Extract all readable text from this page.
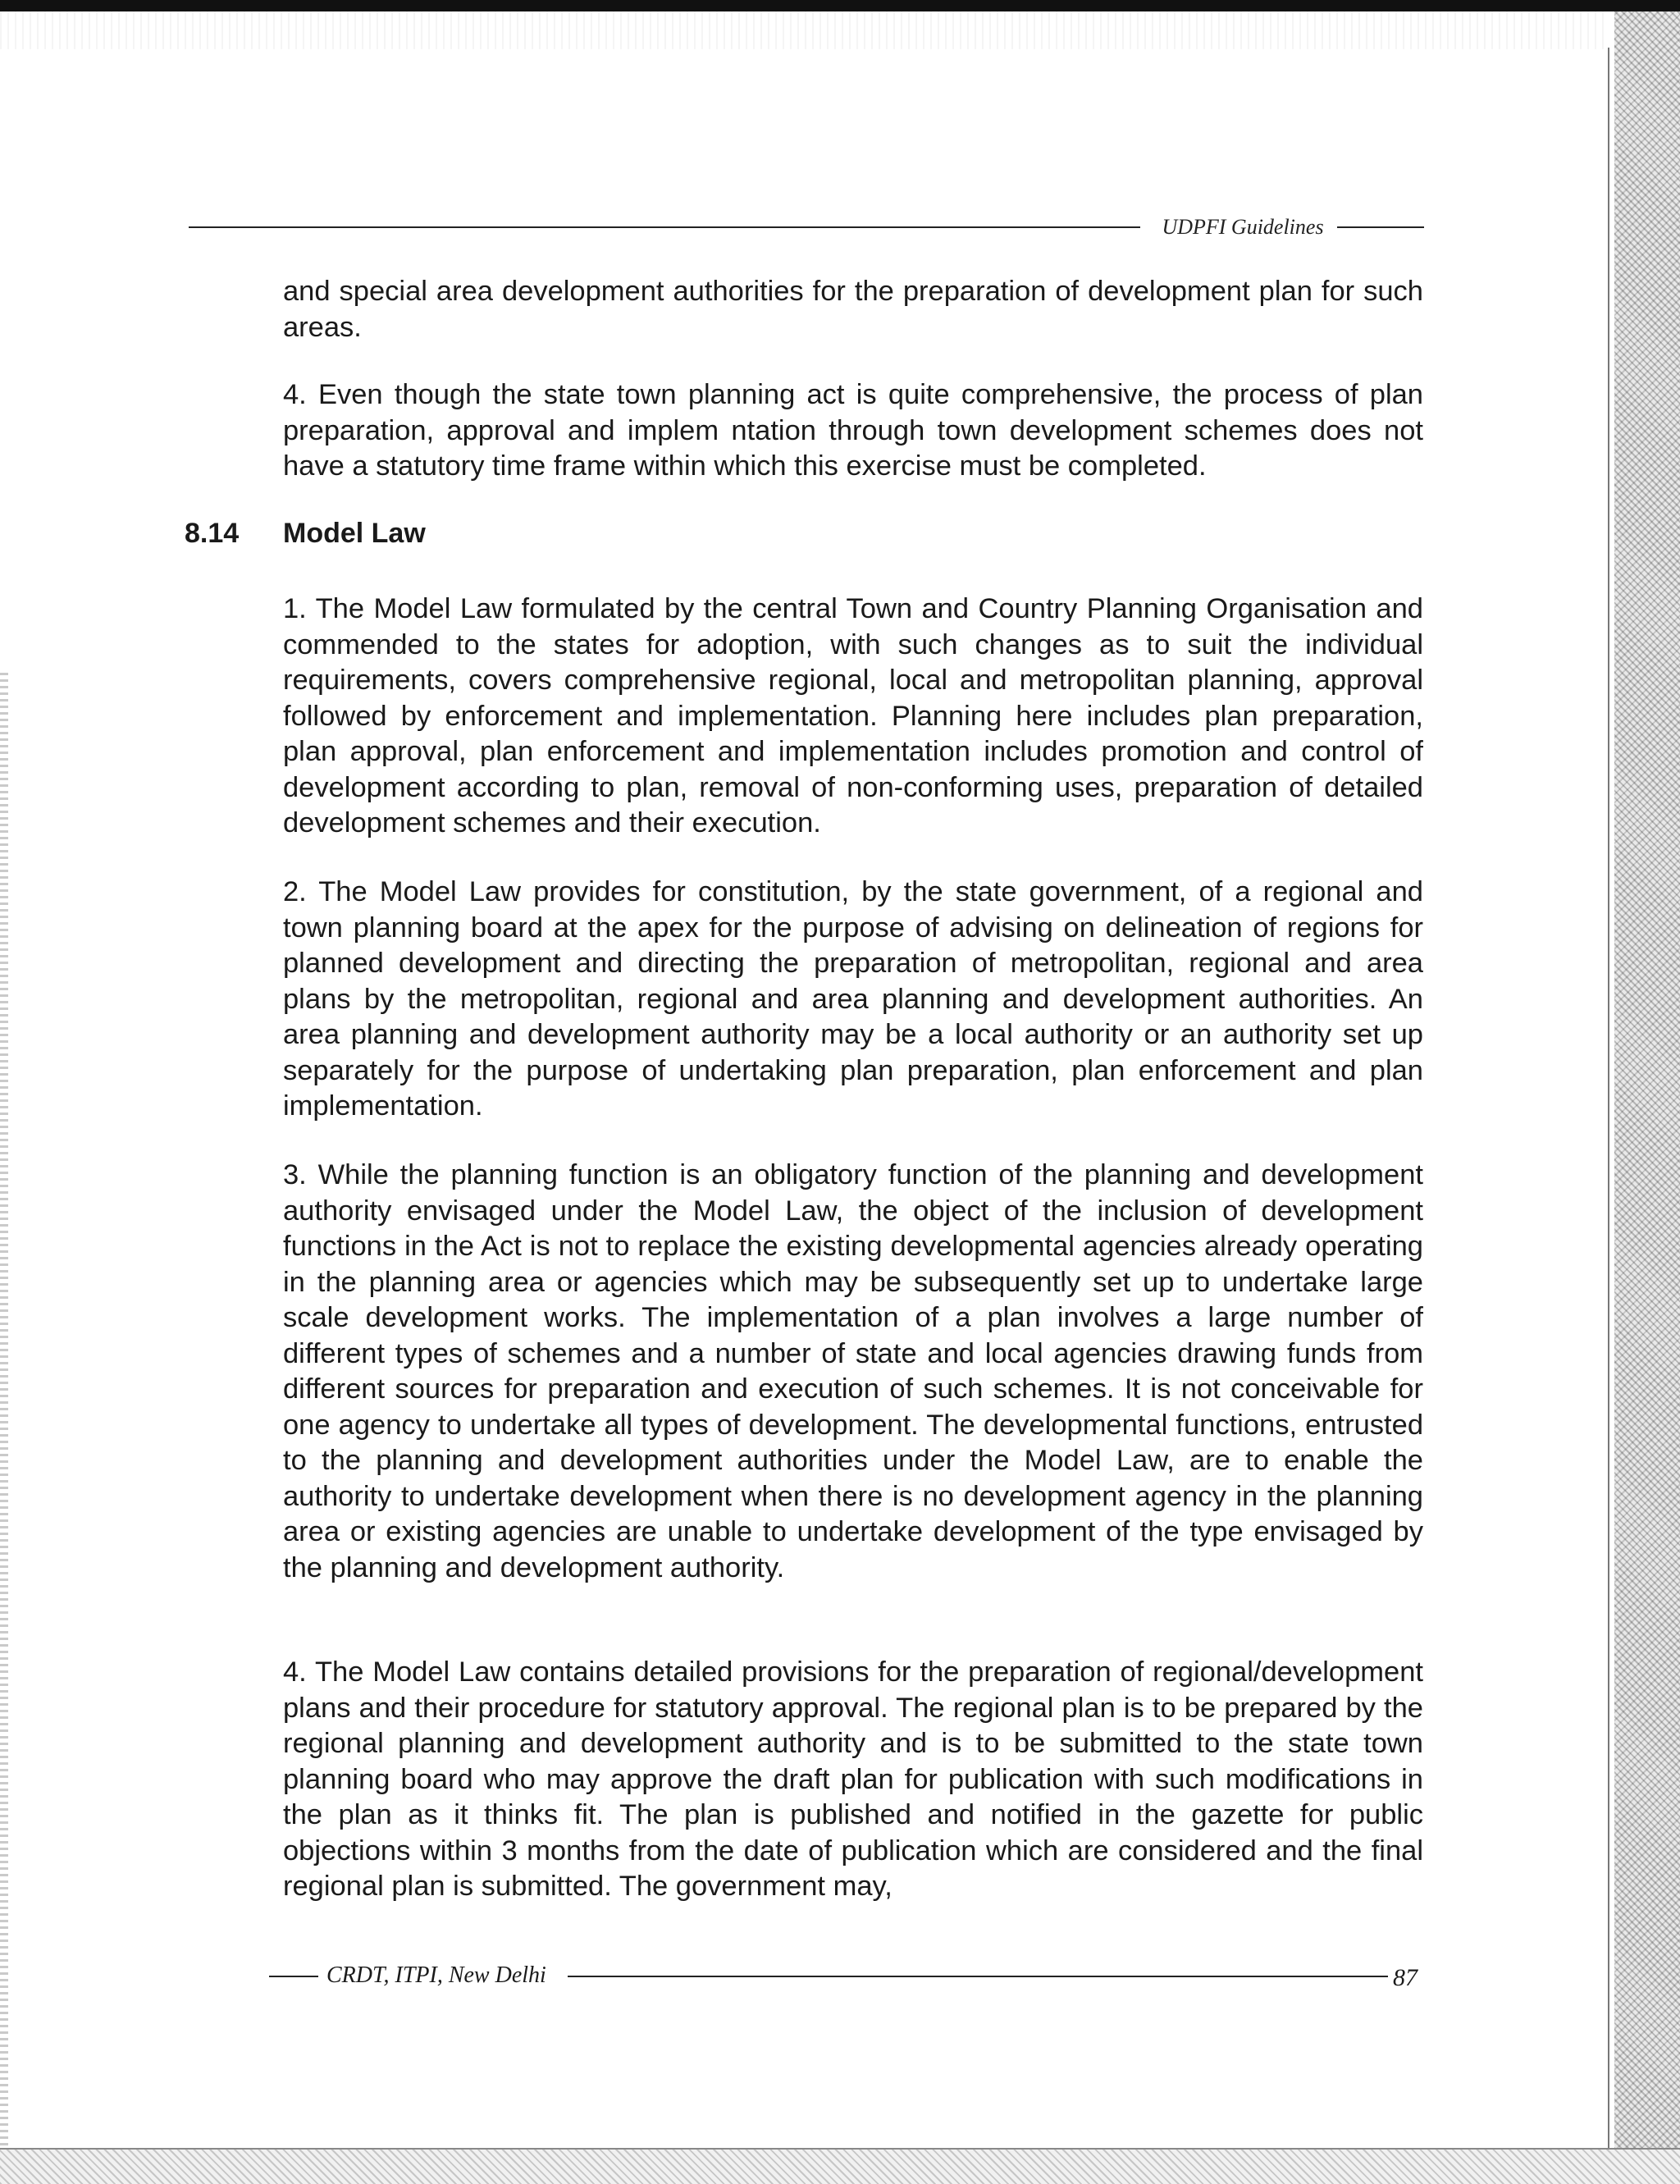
UDPFI Guidelines

and special area development authorities for the preparation of development plan for such areas.

4. Even though the state town planning act is quite comprehensive, the process of plan preparation, approval and implem ntation through town development schemes does not have a statutory time frame within which this exercise must be completed.

8.14 Model Law

1. The Model Law formulated by the central Town and Country Planning Organisation and commended to the states for adoption, with such changes as to suit the individual requirements, covers comprehensive regional, local and metropolitan planning, approval followed by enforcement and implementation. Planning here includes plan preparation, plan approval, plan enforcement and implementation includes promotion and control of development according to plan, removal of non-conforming uses, preparation of detailed development schemes and their execution.

2. The Model Law provides for constitution, by the state government, of a regional and town planning board at the apex for the purpose of advising on delineation of regions for planned development and directing the preparation of metropolitan, regional and area plans by the metropolitan, regional and area planning and development authorities. An area planning and development authority may be a local authority or an authority set up separately for the purpose of undertaking plan preparation, plan enforcement and plan implementation.

3. While the planning function is an obligatory function of the planning and development authority envisaged under the Model Law, the object of the inclusion of development functions in the Act is not to replace the existing developmental agencies already operating in the planning area or agencies which may be subsequently set up to undertake large scale development works. The implementation of a plan involves a large number of different types of schemes and a number of state and local agencies drawing funds from different sources for preparation and execution of such schemes. It is not conceivable for one agency to undertake all types of development. The developmental functions, entrusted to the planning and development authorities under the Model Law, are to enable the authority to undertake development when there is no development agency in the planning area or existing agencies are unable to undertake development of the type envisaged by the planning and development authority.

4. The Model Law contains detailed provisions for the preparation of regional/development plans and their procedure for statutory approval. The regional plan is to be prepared by the regional planning and development authority and is to be submitted to the state town planning board who may approve the draft plan for publication with such modifications in the plan as it thinks fit. The plan is published and notified in the gazette for public objections within 3 months from the date of publication which are considered and the final regional plan is submitted. The government may,

CRDT, ITPI, New Delhi	87
